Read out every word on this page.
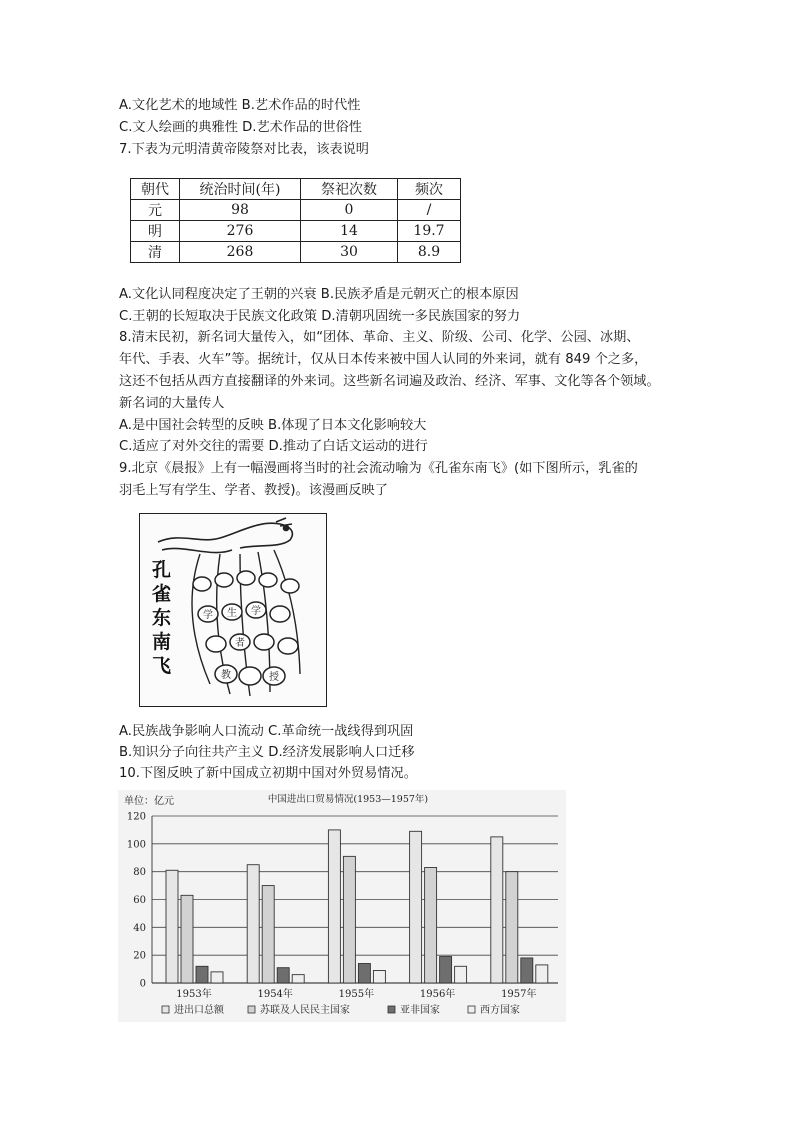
A.文化艺术的地域性 B.艺术作品的时代性
C.文人绘画的典雅性 D.艺术作品的世俗性
7.下表为元明清黄帝陵祭对比表，该表说明
朝代	统治时间(年)	祭祀次数	频次
元	98	0	/
明	276	14	19.7
清	268	30	8.9
A.文化认同程度决定了王朝的兴衰 B.民族矛盾是元朝灭亡的根本原因
C.王朝的长短取决于民族文化政策 D.清朝巩固统一多民族国家的努力
8.清末民初，新名词大量传入，如“团体、革命、主义、阶级、公司、化学、公园、冰期、
年代、手表、火车”等。据统计，仅从日本传来被中国人认同的外来词，就有 849 个之多，
这还不包括从西方直接翻译的外来词。这些新名词遍及政治、经济、军事、文化等各个领域。
新名词的大量传人
A.是中国社会转型的反映 B.体现了日本文化影响较大
C.适应了对外交往的需要 D.推动了白话文运动的进行
9.北京《晨报》上有一幅漫画将当时的社会流动喻为《孔雀东南飞》(如下图所示，乳雀的
羽毛上写有学生、学者、教授)。该漫画反映了
学 生 学
者
教	授
孔雀东南飞
A.民族战争影响人口流动 C.革命统一战线得到巩固
B.知识分子向往共产主义 D.经济发展影响人口迁移
10.下图反映了新中国成立初期中国对外贸易情况。
单位：亿元	中国进出口贸易情况(1953—1957年)
0
20
40
60
80
100
120
1953年	1954年	1955年	1956年	1957年
进出口总额	苏联及人民民主国家	亚非国家	西方国家
